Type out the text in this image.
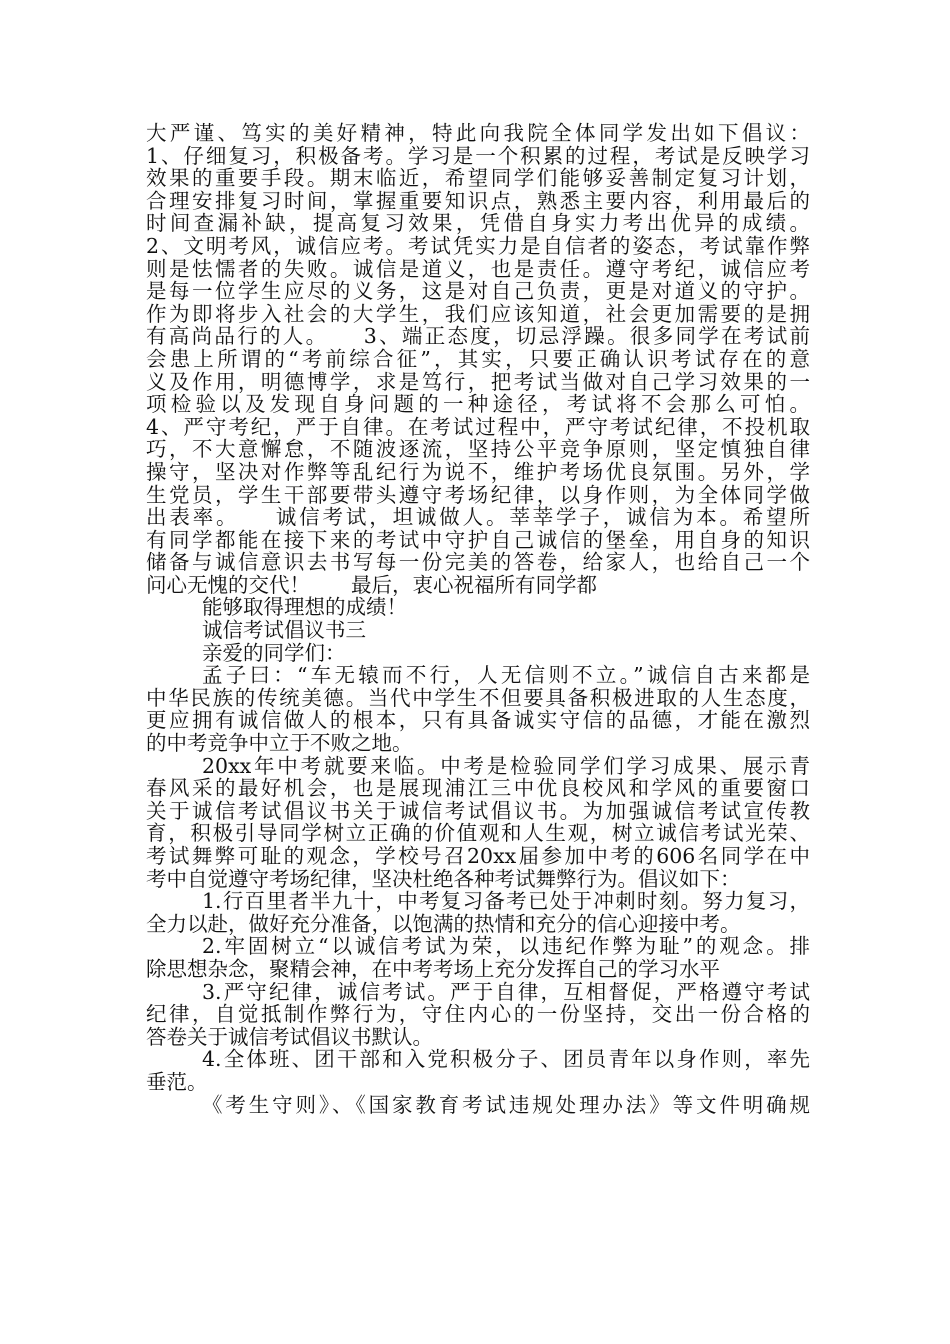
大严谨、笃实的美好精神，特此向我院全体同学发出如下倡议：
1、仔细复习，积极备考。学习是一个积累的过程，考试是反映学习
效果的重要手段。期末临近，希望同学们能够妥善制定复习计划，
合理安排复习时间，掌握重要知识点，熟悉主要内容，利用最后的
时间查漏补缺，提高复习效果，凭借自身实力考出优异的成绩。
2、文明考风，诚信应考。考试凭实力是自信者的姿态，考试靠作弊
则是怯懦者的失败。诚信是道义，也是责任。遵守考纪，诚信应考
是每一位学生应尽的义务，这是对自己负责，更是对道义的守护。
作为即将步入社会的大学生，我们应该知道，社会更加需要的是拥
有高尚品行的人。　　3、端正态度，切忌浮躁。很多同学在考试前
会患上所谓的“考前综合征”，其实，只要正确认识考试存在的意
义及作用，明德博学，求是笃行，把考试当做对自己学习效果的一
项检验以及发现自身问题的一种途径，考试将不会那么可怕。
4、严守考纪，严于自律。在考试过程中，严守考试纪律，不投机取
巧，不大意懈怠，不随波逐流，坚持公平竞争原则，坚定慎独自律
操守，坚决对作弊等乱纪行为说不，维护考场优良氛围。另外，学
生党员，学生干部要带头遵守考场纪律，以身作则，为全体同学做
出表率。　　诚信考试，坦诚做人。莘莘学子，诚信为本。希望所
有同学都能在接下来的考试中守护自己诚信的堡垒，用自身的知识
储备与诚信意识去书写每一份完美的答卷，给家人，也给自己一个
问心无愧的交代！　　最后，衷心祝福所有同学都
能够取得理想的成绩！
诚信考试倡议书三
亲爱的同学们：
孟子曰：“车无辕而不行，人无信则不立。”诚信自古来都是
中华民族的传统美德。当代中学生不但要具备积极进取的人生态度，
更应拥有诚信做人的根本，只有具备诚实守信的品德，才能在激烈
的中考竞争中立于不败之地。
20xx年中考就要来临。中考是检验同学们学习成果、展示青
春风采的最好机会，也是展现浦江三中优良校风和学风的重要窗口
关于诚信考试倡议书关于诚信考试倡议书。为加强诚信考试宣传教
育，积极引导同学树立正确的价值观和人生观，树立诚信考试光荣、
考试舞弊可耻的观念，学校号召20xx届参加中考的606名同学在中
考中自觉遵守考场纪律，坚决杜绝各种考试舞弊行为。倡议如下：
1.行百里者半九十，中考复习备考已处于冲刺时刻。努力复习，
全力以赴，做好充分准备，以饱满的热情和充分的信心迎接中考。
2.牢固树立“以诚信考试为荣，以违纪作弊为耻”的观念。排
除思想杂念，聚精会神，在中考考场上充分发挥自己的学习水平
3.严守纪律，诚信考试。严于自律，互相督促，严格遵守考试
纪律，自觉抵制作弊行为，守住内心的一份坚持，交出一份合格的
答卷关于诚信考试倡议书默认。
4.全体班、团干部和入党积极分子、团员青年以身作则，率先
垂范。
《考生守则》、《国家教育考试违规处理办法》等文件明确规
